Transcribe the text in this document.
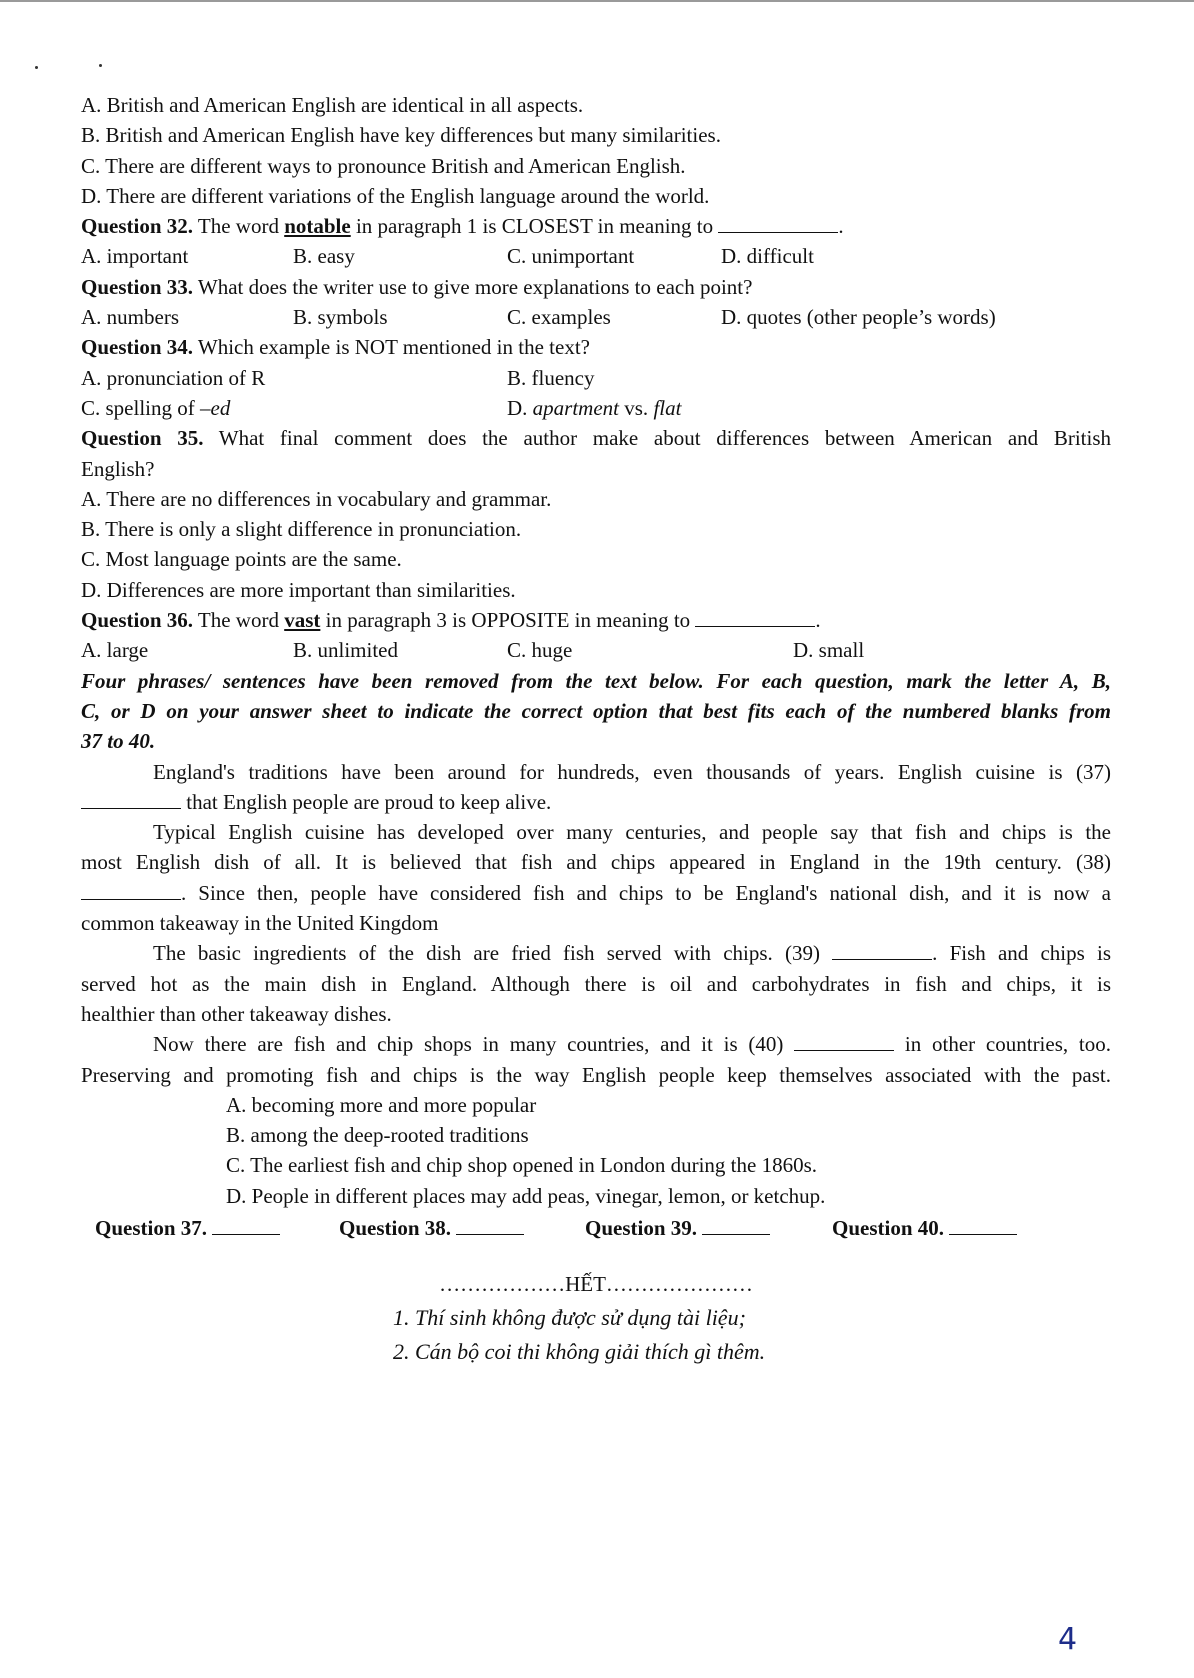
A. British and American English are identical in all aspects.
B. British and American English have key differences but many similarities.
C. There are different ways to pronounce British and American English.
D. There are different variations of the English language around the world.
Question 32. The word notable in paragraph 1 is CLOSEST in meaning to	.
A. important	B. easy	C. unimportant	D. difficult
Question 33. What does the writer use to give more explanations to each point?
A. numbers	B. symbols	C. examples	D. quotes (other people’s words)
Question 34. Which example is NOT mentioned in the text?
A. pronunciation of R	B. fluency
C. spelling of –ed	D. apartment vs. flat
Question 35. What final comment does the author make about differences between American and British
English?
A. There are no differences in vocabulary and grammar.
B. There is only a slight difference in pronunciation.
C. Most language points are the same.
D. Differences are more important than similarities.
Question 36. The word vast in paragraph 3 is OPPOSITE in meaning to	.
A. large	B. unlimited	C. huge	D. small
Four phrases/ sentences have been removed from the text below. For each question, mark the letter A, B,
C, or D on your answer sheet to indicate the correct option that best fits each of the numbered blanks from
37 to 40.
England's traditions have been around for hundreds, even thousands of years. English cuisine is (37)
that English people are proud to keep alive.
Typical English cuisine has developed over many centuries, and people say that fish and chips is the
most English dish of all. It is believed that fish and chips appeared in England in the 19th century. (38)
. Since then, people have considered fish and chips to be England's national dish, and it is now a
common takeaway in the United Kingdom
The basic ingredients of the dish are fried fish served with chips. (39)	. Fish and chips is
served hot as the main dish in England. Although there is oil and carbohydrates in fish and chips, it is
healthier than other takeaway dishes.
Now there are fish and chip shops in many countries, and it is (40)	in other countries, too.
Preserving and promoting fish and chips is the way English people keep themselves associated with the past.
A. becoming more and more popular
B. among the deep-rooted traditions
C. The earliest fish and chip shop opened in London during the 1860s.
D. People in different places may add peas, vinegar, lemon, or ketchup.
Question 37.	Question 38.	Question 39.	Question 40.
………………HẾT…………………
1. Thí sinh không được sử dụng tài liệu;
2. Cán bộ coi thi không giải thích gì thêm.
4
